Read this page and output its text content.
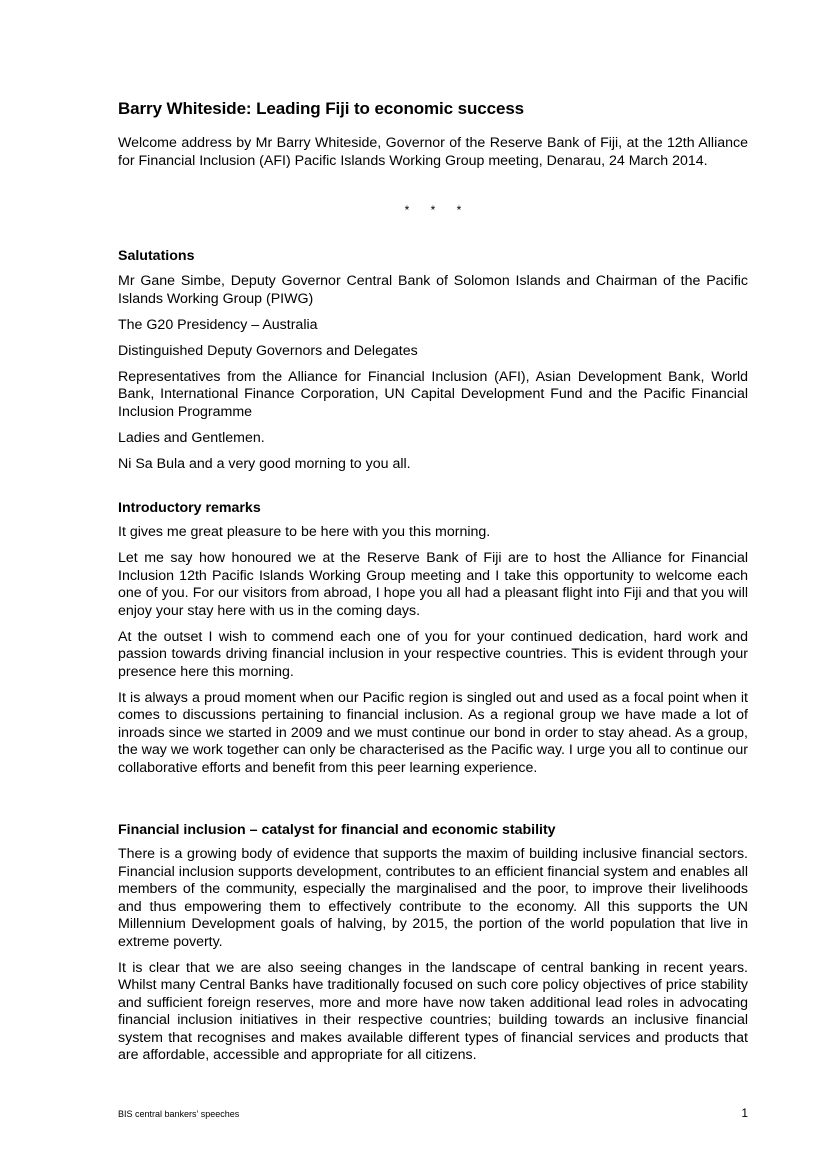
Barry Whiteside: Leading Fiji to economic success

Welcome address by Mr Barry Whiteside, Governor of the Reserve Bank of Fiji, at the 12th Alliance for Financial Inclusion (AFI) Pacific Islands Working Group meeting, Denarau, 24 March 2014.

* * *
Salutations

Mr Gane Simbe, Deputy Governor Central Bank of Solomon Islands and Chairman of the Pacific Islands Working Group (PIWG)

The G20 Presidency – Australia

Distinguished Deputy Governors and Delegates

Representatives from the Alliance for Financial Inclusion (AFI), Asian Development Bank, World Bank, International Finance Corporation, UN Capital Development Fund and the Pacific Financial Inclusion Programme

Ladies and Gentlemen.

Ni Sa Bula and a very good morning to you all.

Introductory remarks

It gives me great pleasure to be here with you this morning.

Let me say how honoured we at the Reserve Bank of Fiji are to host the Alliance for Financial Inclusion 12th Pacific Islands Working Group meeting and I take this opportunity to welcome each one of you. For our visitors from abroad, I hope you all had a pleasant flight into Fiji and that you will enjoy your stay here with us in the coming days.

At the outset I wish to commend each one of you for your continued dedication, hard work and passion towards driving financial inclusion in your respective countries. This is evident through your presence here this morning.

It is always a proud moment when our Pacific region is singled out and used as a focal point when it comes to discussions pertaining to financial inclusion. As a regional group we have made a lot of inroads since we started in 2009 and we must continue our bond in order to stay ahead. As a group, the way we work together can only be characterised as the Pacific way. I urge you all to continue our collaborative efforts and benefit from this peer learning experience.

Financial inclusion – catalyst for financial and economic stability

There is a growing body of evidence that supports the maxim of building inclusive financial sectors. Financial inclusion supports development, contributes to an efficient financial system and enables all members of the community, especially the marginalised and the poor, to improve their livelihoods and thus empowering them to effectively contribute to the economy. All this supports the UN Millennium Development goals of halving, by 2015, the portion of the world population that live in extreme poverty.

It is clear that we are also seeing changes in the landscape of central banking in recent years. Whilst many Central Banks have traditionally focused on such core policy objectives of price stability and sufficient foreign reserves, more and more have now taken additional lead roles in advocating financial inclusion initiatives in their respective countries; building towards an inclusive financial system that recognises and makes available different types of financial services and products that are affordable, accessible and appropriate for all citizens.

BIS central bankers’ speeches	1
